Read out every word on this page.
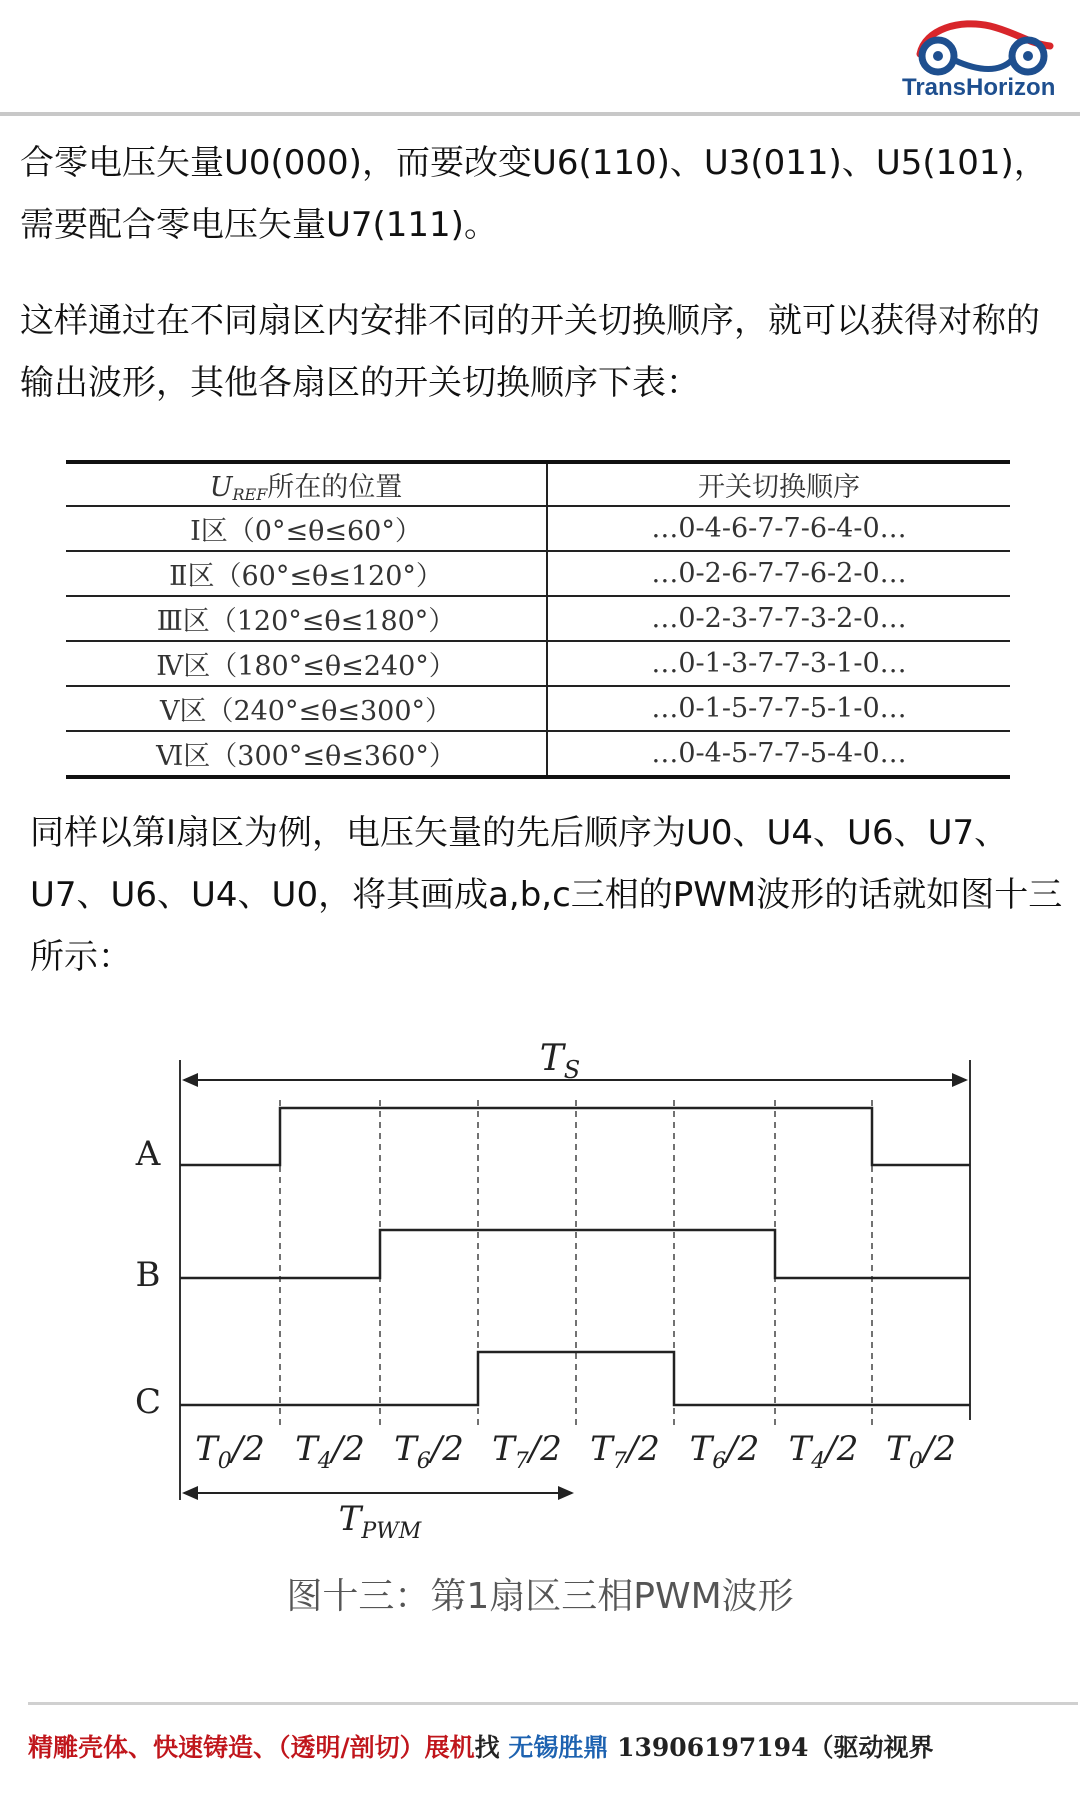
TransHorizon

合零电压矢量U0(000)，而要改变U6(110)、U3(011)、U5(101)，需要配合零电压矢量U7(111)。

这样通过在不同扇区内安排不同的开关切换顺序，就可以获得对称的输出波形，其他各扇区的开关切换顺序下表：

$U_{REF}$所在的位置	开关切换顺序
Ⅰ区（0°≤θ≤60°）	…0-4-6-7-7-6-4-0…
Ⅱ区（60°≤θ≤120°）	…0-2-6-7-7-6-2-0…
Ⅲ区（120°≤θ≤180°）	…0-2-3-7-7-3-2-0…
Ⅳ区（180°≤θ≤240°）	…0-1-3-7-7-3-1-0…
Ⅴ区（240°≤θ≤300°）	…0-1-5-7-7-5-1-0…
Ⅵ区（300°≤θ≤360°）	…0-4-5-7-7-5-4-0…

同样以第Ⅰ扇区为例，电压矢量的先后顺序为U0、U4、U6、U7、U7、U6、U4、U0，将其画成a,b,c三相的PWM波形的话就如图十三所示：

$T_S$
A
B
C
$T_0/2$ $T_4/2$ $T_6/2$ $T_7/2$ $T_7/2$ $T_6/2$ $T_4/2$ $T_0/2$
$T_{PWM}$
图十三：第1扇区三相PWM波形
精雕壳体、快速铸造、（透明/剖切）展机找 无锡胜鼎 13906197194（驱动视界
